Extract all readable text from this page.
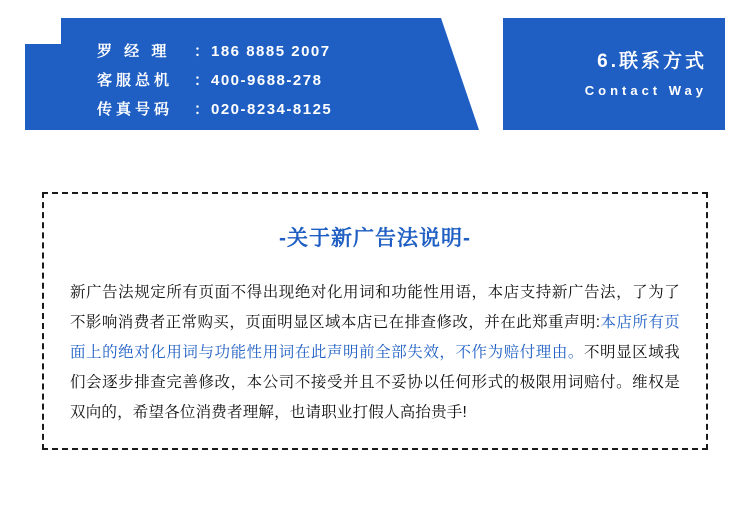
罗 经 理	： 186 8885 2007
客服总机	： 400-9688-278
传真号码	： 020-8234-8125
6.联系方式
Contact Way
-关于新广告法说明-
新广告法规定所有页面不得出现绝对化用词和功能性用语，本店支持新广告法，了为了不影响消费者正常购买，页面明显区域本店已在排查修改，并在此郑重声明:本店所有页面上的绝对化用词与功能性用词在此声明前全部失效，不作为赔付理由。不明显区域我们会逐步排查完善修改，本公司不接受并且不妥协以任何形式的极限用词赔付。维权是双向的，希望各位消费者理解，也请职业打假人高抬贵手!
